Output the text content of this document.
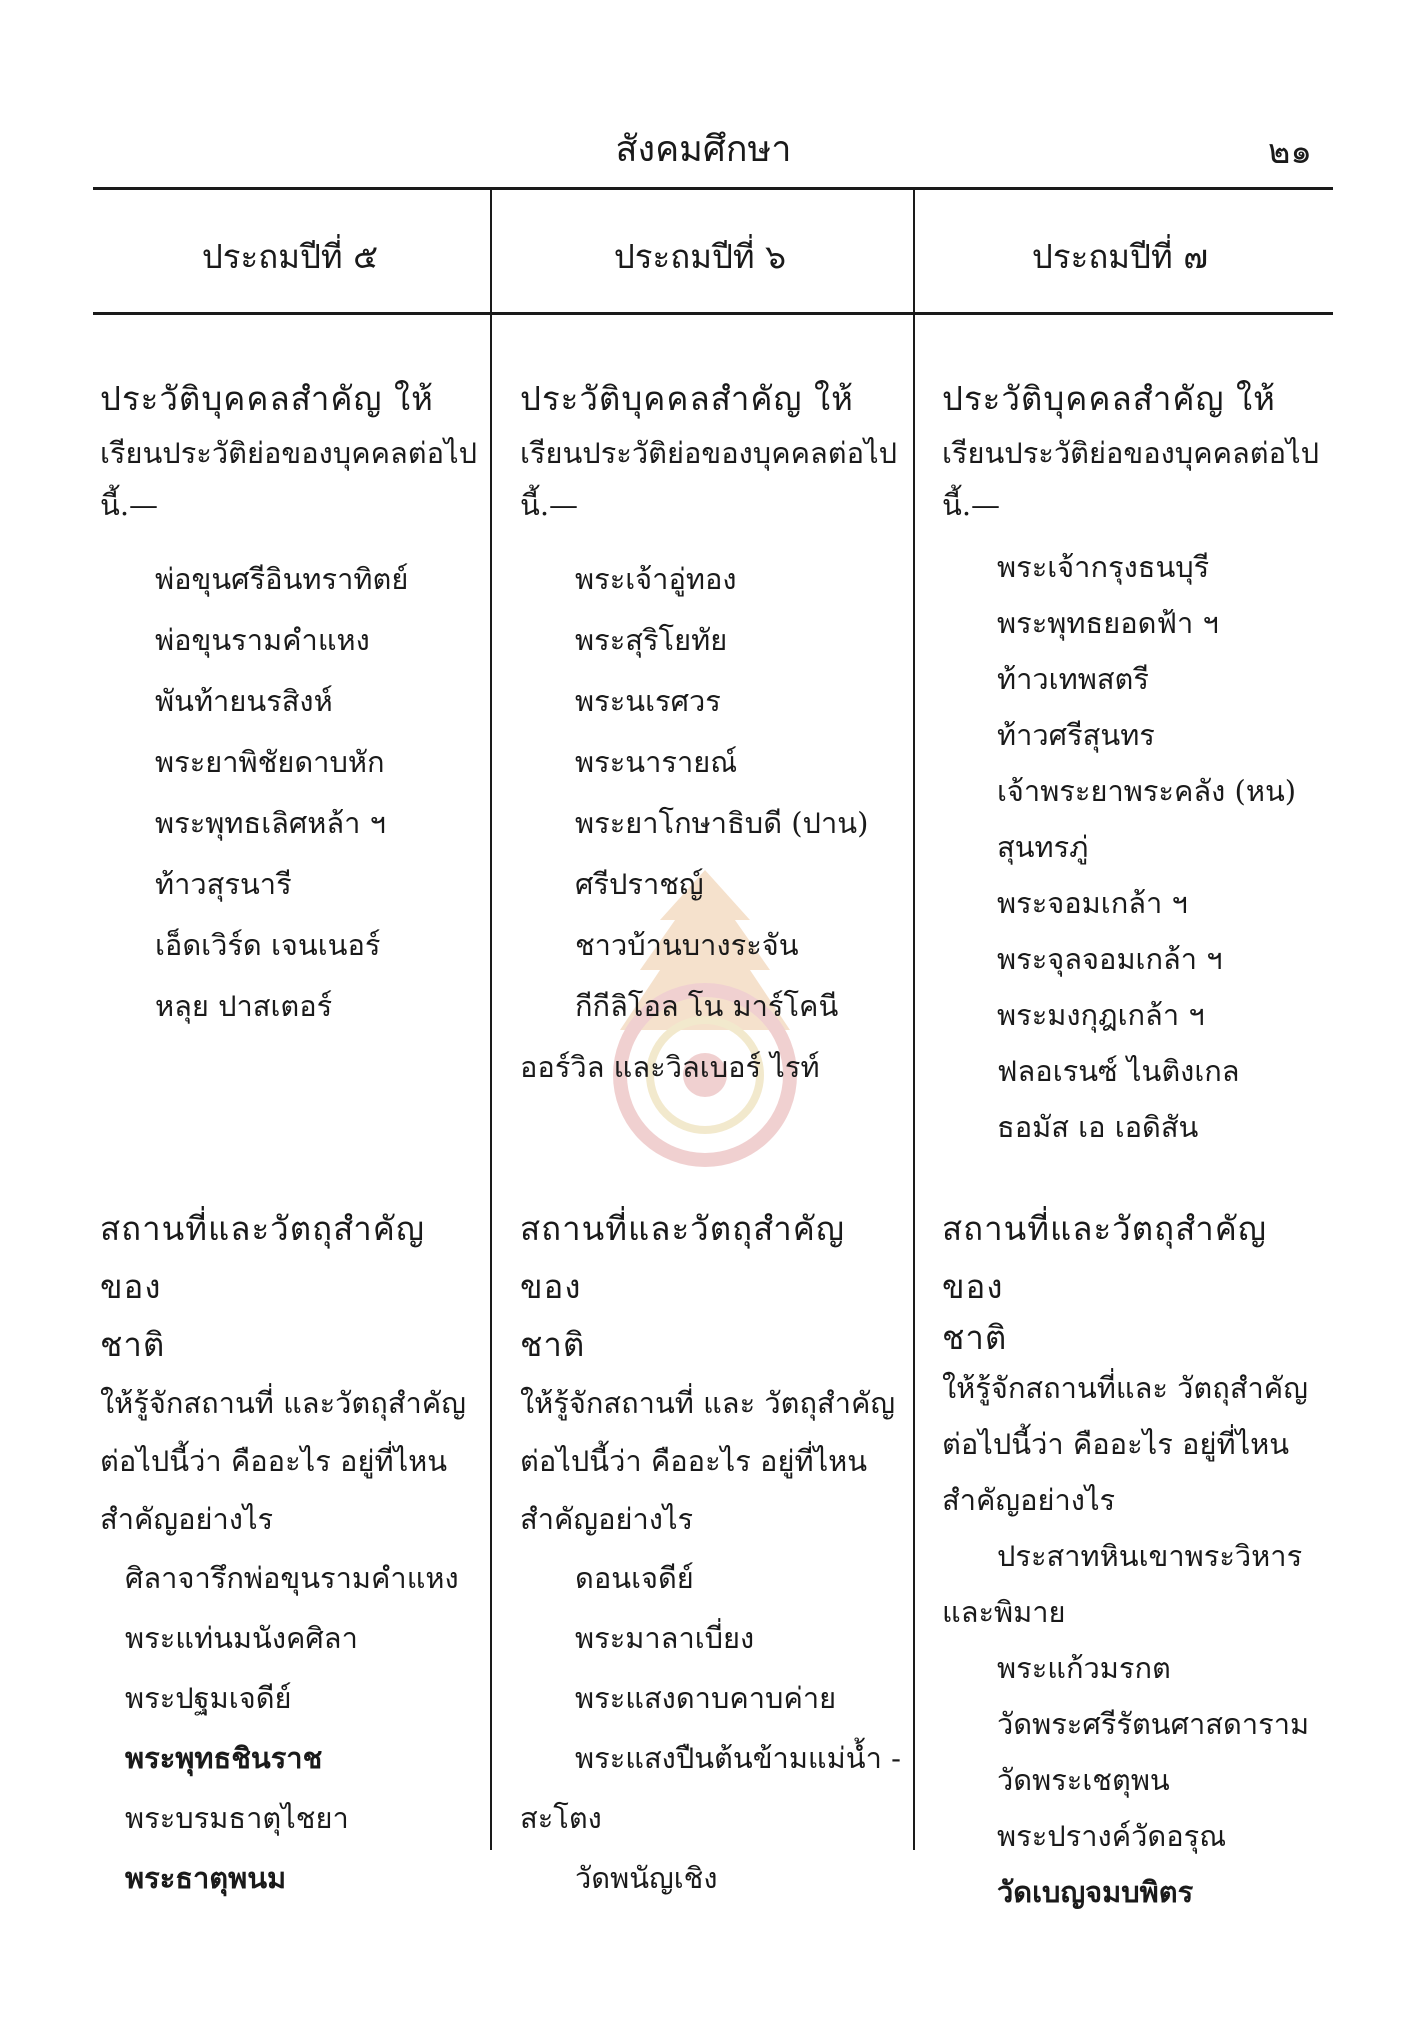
สังคมศึกษา	๒๑
ประถมปีที่ ๕	ประถมปีที่ ๖	ประถมปีที่ ๗
ประวัติบุคคลสำคัญ ให้
เรียนประวัติย่อของบุคคลต่อไป
นี้.—
พ่อขุนศรีอินทราทิตย์
พ่อขุนรามคำแหง
พันท้ายนรสิงห์
พระยาพิชัยดาบหัก
พระพุทธเลิศหล้า ฯ
ท้าวสุรนารี
เอ็ดเวิร์ด เจนเนอร์
หลุย ปาสเตอร์
ประวัติบุคคลสำคัญ ให้
เรียนประวัติย่อของบุคคลต่อไป
นี้.—
พระเจ้าอู่ทอง
พระสุริโยทัย
พระนเรศวร
พระนารายณ์
พระยาโกษาธิบดี (ปาน)
ศรีปราชญ์
ชาวบ้านบางระจัน
กีกีลิโอล โน มาร์โคนี
ออร์วิล และวิลเบอร์ ไรท์
ประวัติบุคคลสำคัญ ให้
เรียนประวัติย่อของบุคคลต่อไป
นี้.—
พระเจ้ากรุงธนบุรี
พระพุทธยอดฟ้า ฯ
ท้าวเทพสตรี
ท้าวศรีสุนทร
เจ้าพระยาพระคลัง (หน)
สุนทรภู่
พระจอมเกล้า ฯ
พระจุลจอมเกล้า ฯ
พระมงกุฎเกล้า ฯ
ฟลอเรนซ์ ไนติงเกล
ธอมัส เอ เอดิสัน
สถานที่และวัตถุสำคัญของ
ชาติ
ให้รู้จักสถานที่ และวัตถุสำคัญ
ต่อไปนี้ว่า คืออะไร อยู่ที่ไหน
สำคัญอย่างไร
ศิลาจารึกพ่อขุนรามคำแหง
พระแท่นมนังคศิลา
พระปฐมเจดีย์
พระพุทธชินราช
พระบรมธาตุไชยา
พระธาตุพนม
สถานที่และวัตถุสำคัญของ
ชาติ
ให้รู้จักสถานที่ และ วัตถุสำคัญ
ต่อไปนี้ว่า คืออะไร อยู่ที่ไหน
สำคัญอย่างไร
ดอนเจดีย์
พระมาลาเบี่ยง
พระแสงดาบคาบค่าย
พระแสงปืนต้นข้ามแม่น้ำ -
สะโตง
วัดพนัญเชิง
สถานที่และวัตถุสำคัญของ
ชาติ
ให้รู้จักสถานที่และ วัตถุสำคัญ
ต่อไปนี้ว่า คืออะไร อยู่ที่ไหน
สำคัญอย่างไร
ประสาทหินเขาพระวิหาร
และพิมาย
พระแก้วมรกต
วัดพระศรีรัตนศาสดาราม
วัดพระเชตุพน
พระปรางค์วัดอรุณ
วัดเบญจมบพิตร
